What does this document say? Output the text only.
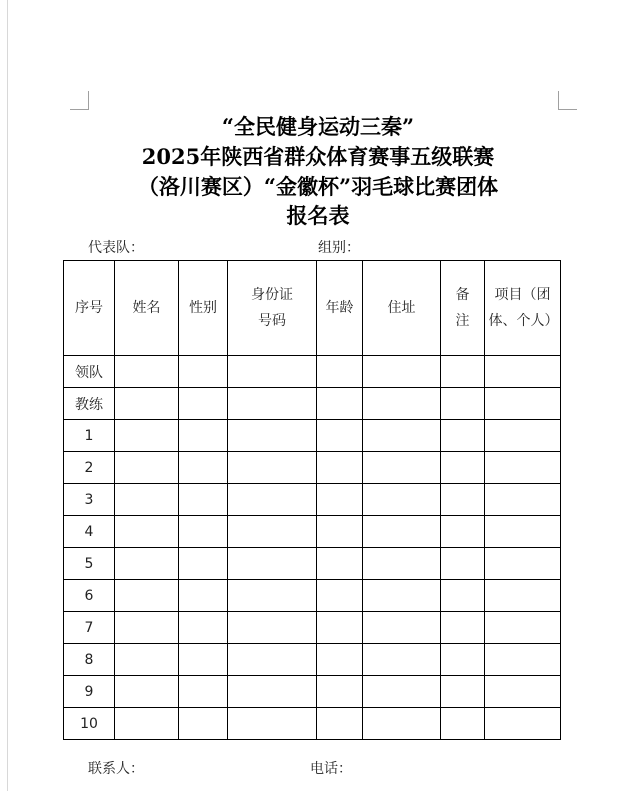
“全民健身运动三秦”
2025年陕西省群众体育赛事五级联赛
（洛川赛区）“金徽杯”羽毛球比赛团体
报名表
代表队：	组别：
序号	姓名	性别	身份证号码	年龄	住址	备注	项目（团体、个人）
领队							
教练							
1							
2							
3							
4							
5							
6							
7							
8							
9							
10							
联系人：	电话：
